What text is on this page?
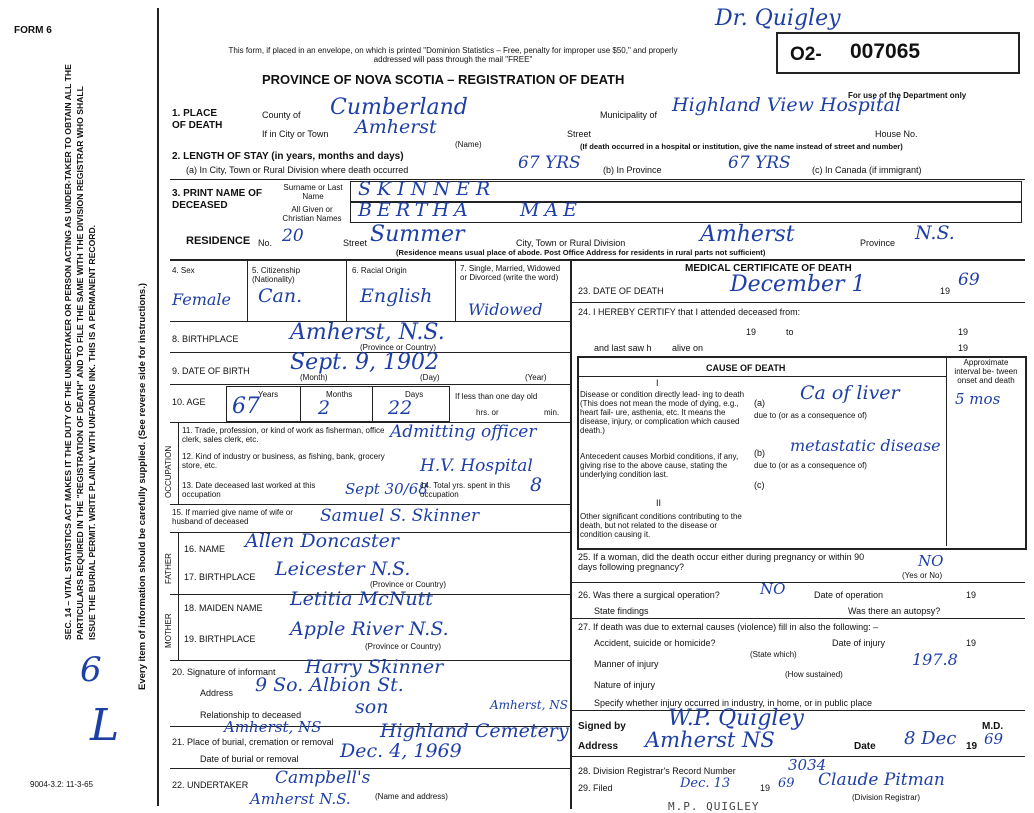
FORM 6
SEC. 14 – VITAL STATISTICS ACT MAKES IT THE DUTY OF THE UNDERTAKER OR PERSON ACTING AS UNDER-TAKER TO OBTAIN ALL THE PARTICULARS REQUIRED IN THE "REGISTRATION OF DEATH" AND TO FILE THE SAME WITH THE DIVISION REGISTRAR WHO SHALL ISSUE THE BURIAL PERMIT. WRITE PLAINLY WITH UNFADING INK. THIS IS A PERMANENT RECORD.	Every item of information should be carefully supplied. (See reverse side for instructions.)
6
L
9004-3.2: 11-3-65
This form, if placed in an envelope, on which is printed "Dominion Statistics – Free, penalty for improper use $50," and properly addressed will pass through the mail "FREE"
PROVINCE OF NOVA SCOTIA – REGISTRATION OF DEATH
Dr. Quigley
O2- 007065
For use of the Department only
1. PLACE OF DEATH
County of Cumberland	Municipality of Highland View Hospital
If in City or Town Amherst
(Name)
Street	House No.
(If death occurred in a hospital or institution, give the name instead of street and number)
2. LENGTH OF STAY (in years, months and days)
(a) In City, Town or Rural Division where death occurred	67 YRS (b) In Province	67 YRS (c) In Canada (if immigrant)
3. PRINT NAME OF DECEASED
Surname or Last Name
All Given or Christian Names
SKINNER
BERTHA MAE
RESIDENCE No. 20	Street Summer	City, Town or Rural Division	Amherst	Province N.S.
(Residence means usual place of abode. Post Office Address for residents in rural parts not sufficient)
4. Sex
Female
5. Citizenship (Nationality)
Can.
6. Racial Origin
English
7. Single, Married, Widowed or Divorced (write the word)
Widowed
8. BIRTHPLACE Amherst, N.S.
(Province or Country)
9. DATE OF BIRTH Sept. 9, 1902
(Month)	(Day)	(Year)
10. AGE
Years	Months	Days
67	2	22
If less than one day old
hrs. or	min.
OCCUPATION
11. Trade, profession, or kind of work as fisherman, office clerk, sales clerk, etc.	Admitting officer
12. Kind of industry or business, as fishing, bank, grocery store, etc.	H.V. Hospital
13. Date deceased last worked at this occupation	Sept 30/68
14. Total yrs. spent in this occupation	8
15. If married give name of wife or husband of deceased	Samuel S. Skinner
FATHER
16. NAME Allen Doncaster
17. BIRTHPLACE Leicester N.S.
(Province or Country)
MOTHER
18. MAIDEN NAME Letitia McNutt
19. BIRTHPLACE Apple River N.S.
(Province or Country)
20. Signature of informant Harry Skinner
Address 9 So. Albion St.
Amherst, NS
Relationship to deceased	son
Amherst, NS
21. Place of burial, cremation or removal Highland Cemetery
Date of burial or removal Dec. 4, 1969
22. UNDERTAKER Campbell's
Amherst N.S.	(Name and address)
MEDICAL CERTIFICATE OF DEATH
23. DATE OF DEATH	December 1	19
69
24. I HEREBY CERTIFY that I attended deceased from:
19	to	19
and last saw h alive on	19
CAUSE OF DEATH
Approximate interval be- tween onset and death
I
Disease or condition directly lead- ing to death (This does not mean the mode of dying, e.g., heart fail- ure, asthenia, etc. It means the disease, injury, or complication which caused death.)
(a) Ca of liver	5 mos
due to (or as a consequence of)
(b) metastatic disease
Antecedent causes Morbid conditions, if any, giving rise to the above cause, stating the underlying condition last.
due to (or as a consequence of)
(c)
II
Other significant conditions contributing to the death, but not related to the disease or condition causing it.
25. If a woman, did the death occur either during pregnancy or within 90 days following pregnancy?	NO
(Yes or No)
26. Was there a surgical operation?	NO	Date of operation	19
State findings	Was there an autopsy?
27. If death was due to external causes (violence) fill in also the following: –
Accident, suicide or homicide?	Date of injury	19
(State which)
Manner of injury	197.8
(How sustained)
Nature of injury
Specify whether injury occurred in industry, in home, or in public place
Signed by W.P. Quigley	M.D.
Address Amherst NS	Date 8 Dec 19 69
28. Division Registrar's Record Number	3034
29. Filed	Dec. 13	19 69 Claude Pitman
(Division Registrar)
M.P. QUIGLEY
